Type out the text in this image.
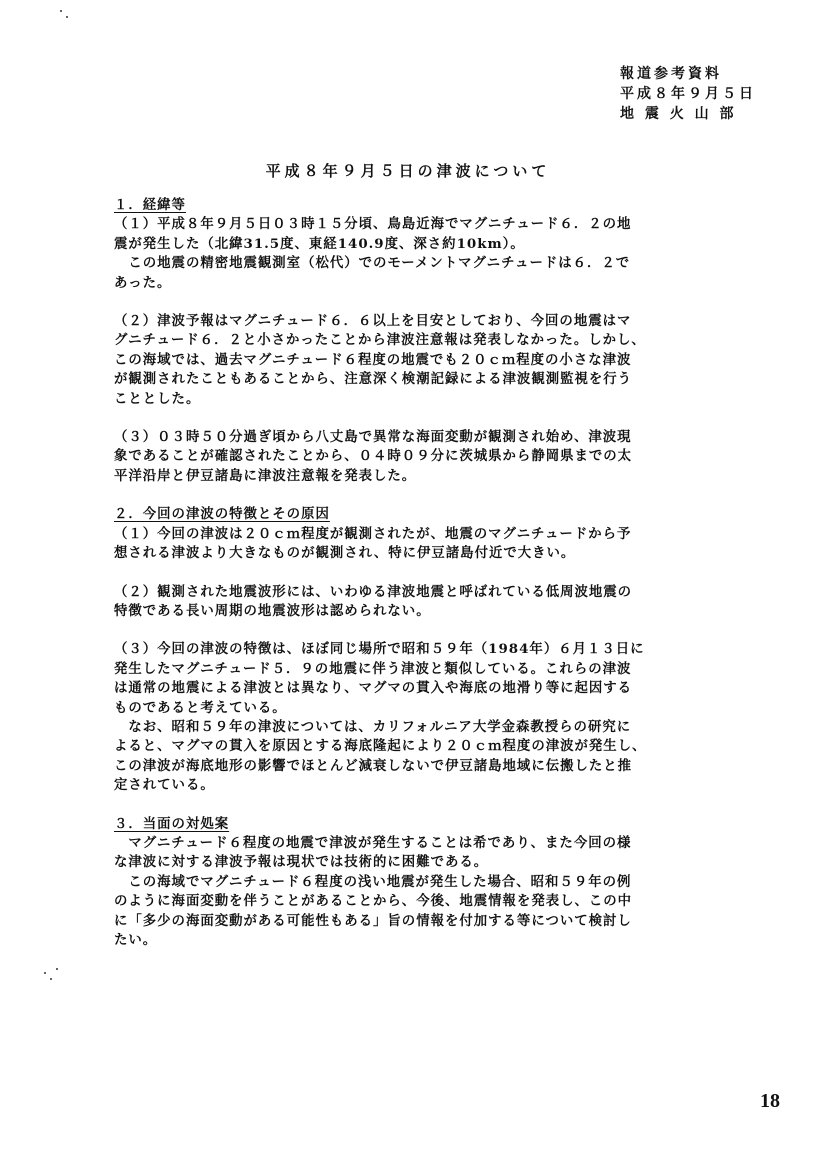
報道参考資料
平成８年９月５日
地 震 火 山 部
平成８年９月５日の津波について
１．経緯等
（１）平成８年９月５日０３時１５分頃、鳥島近海でマグニチュード６．２の地
震が発生した（北緯31.5度、東経140.9度、深さ約10km）。
　この地震の精密地震観測室（松代）でのモーメントマグニチュードは６．２で
あった。
（２）津波予報はマグニチュード６．６以上を目安としており、今回の地震はマ
グニチュード６．２と小さかったことから津波注意報は発表しなかった。しかし、
この海域では、過去マグニチュード６程度の地震でも２０ｃｍ程度の小さな津波
が観測されたこともあることから、注意深く検潮記録による津波観測監視を行う
こととした。
（３）０３時５０分過ぎ頃から八丈島で異常な海面変動が観測され始め、津波現
象であることが確認されたことから、０４時０９分に茨城県から静岡県までの太
平洋沿岸と伊豆諸島に津波注意報を発表した。
２．今回の津波の特徴とその原因
（１）今回の津波は２０ｃｍ程度が観測されたが、地震のマグニチュードから予
想される津波より大きなものが観測され、特に伊豆諸島付近で大きい。
（２）観測された地震波形には、いわゆる津波地震と呼ばれている低周波地震の
特徴である長い周期の地震波形は認められない。
（３）今回の津波の特徴は、ほぼ同じ場所で昭和５９年（1984年）６月１３日に
発生したマグニチュード５．９の地震に伴う津波と類似している。これらの津波
は通常の地震による津波とは異なり、マグマの貫入や海底の地滑り等に起因する
ものであると考えている。
　なお、昭和５９年の津波については、カリフォルニア大学金森教授らの研究に
よると、マグマの貫入を原因とする海底隆起により２０ｃｍ程度の津波が発生し、
この津波が海底地形の影響でほとんど減衰しないで伊豆諸島地域に伝搬したと推
定されている。
３．当面の対処案
　マグニチュード６程度の地震で津波が発生することは希であり、また今回の様
な津波に対する津波予報は現状では技術的に困難である。
　この海域でマグニチュード６程度の浅い地震が発生した場合、昭和５９年の例
のように海面変動を伴うことがあることから、今後、地震情報を発表し、この中
に「多少の海面変動がある可能性もある」旨の情報を付加する等について検討し
たい。
18
